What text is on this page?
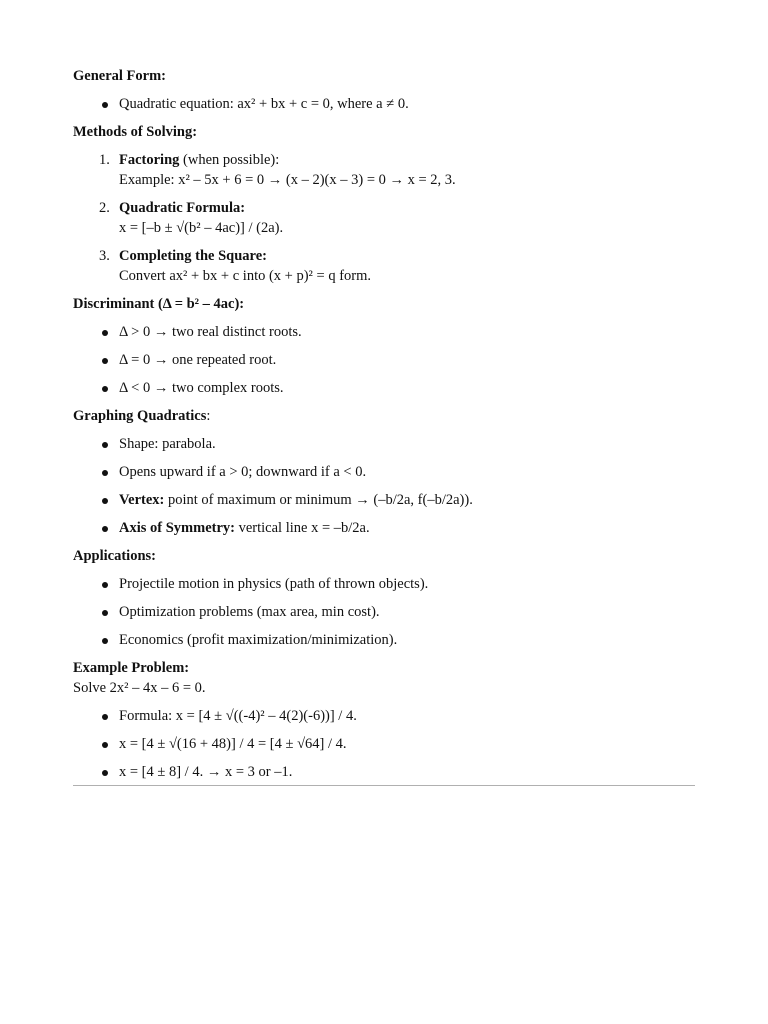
General Form:
Quadratic equation: ax² + bx + c = 0, where a ≠ 0.
Methods of Solving:
1. Factoring (when possible):
Example: x² – 5x + 6 = 0 → (x – 2)(x – 3) = 0 → x = 2, 3.
2. Quadratic Formula:
x = [–b ± √(b² – 4ac)] / (2a).
3. Completing the Square:
Convert ax² + bx + c into (x + p)² = q form.
Discriminant (Δ = b² – 4ac):
Δ > 0 → two real distinct roots.
Δ = 0 → one repeated root.
Δ < 0 → two complex roots.
Graphing Quadratics:
Shape: parabola.
Opens upward if a > 0; downward if a < 0.
Vertex: point of maximum or minimum → (–b/2a, f(–b/2a)).
Axis of Symmetry: vertical line x = –b/2a.
Applications:
Projectile motion in physics (path of thrown objects).
Optimization problems (max area, min cost).
Economics (profit maximization/minimization).
Example Problem:
Solve 2x² – 4x – 6 = 0.
Formula: x = [4 ± √((-4)² – 4(2)(-6))] / 4.
x = [4 ± √(16 + 48)] / 4 = [4 ± √64] / 4.
x = [4 ± 8] / 4. → x = 3 or –1.
